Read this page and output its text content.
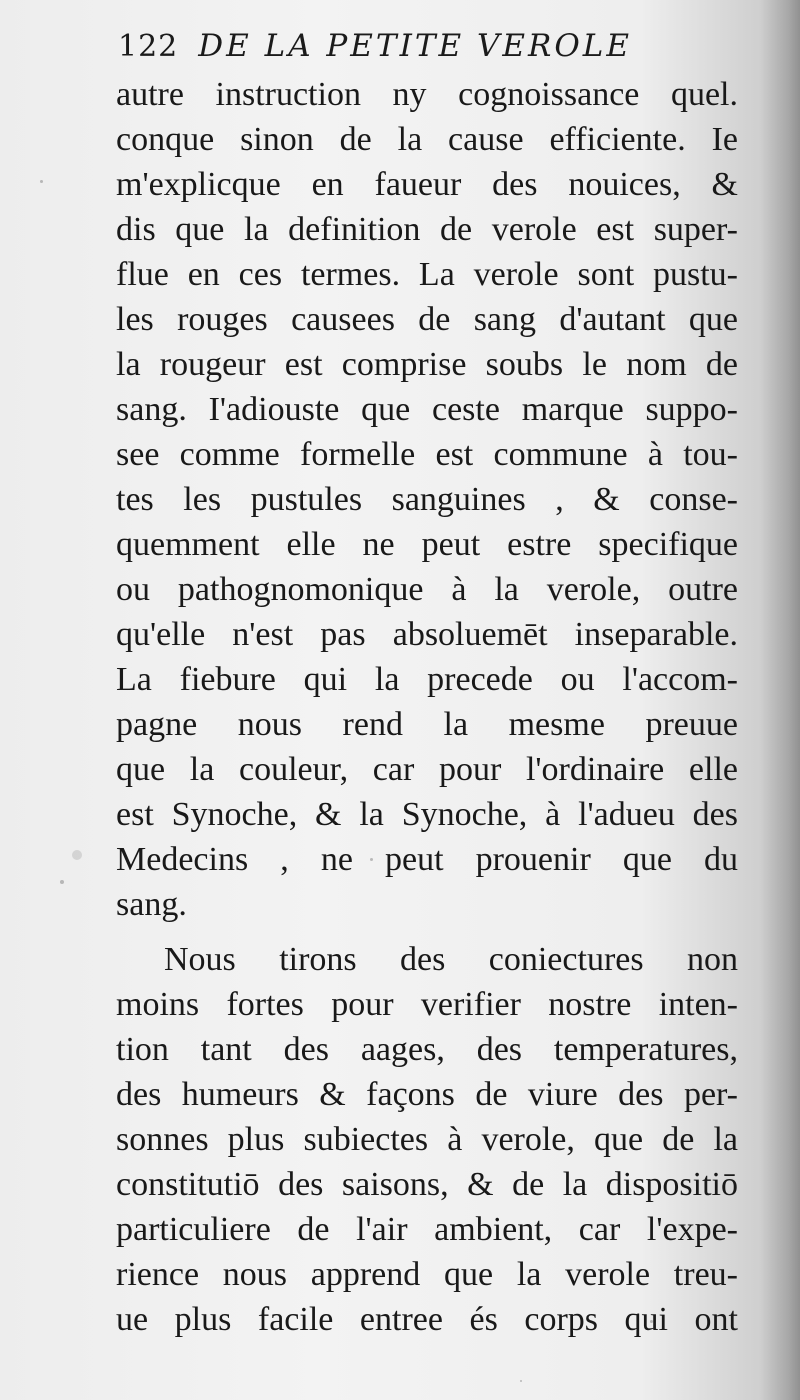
122 DE LA PETITE VEROLE
autre instruction ny cognoissance quel.
conque sinon de la cause efficiente. Ie
m'explicque en faueur des nouices, &
dis que la definition de verole est super-
flue en ces termes. La verole sont pustu-
les rouges causees de sang d'autant que
la rougeur est comprise soubs le nom de
sang. I'adiouste que ceste marque suppo-
see comme formelle est commune à tou-
tes les pustules sanguines , & conse-
quemment elle ne peut estre specifique
ou pathognomonique à la verole, outre
qu'elle n'est pas absoluemēt inseparable.
La fiebure qui la precede ou l'accom-
pagne nous rend la mesme preuue
que la couleur, car pour l'ordinaire elle
est Synoche, & la Synoche, à l'adueu des
Medecins , ne peut prouenir que du
sang.
Nous tirons des coniectures non
moins fortes pour verifier nostre inten-
tion tant des aages, des temperatures,
des humeurs & façons de viure des per-
sonnes plus subiectes à verole, que de la
constitutiō des saisons, & de la dispositiō
particuliere de l'air ambient, car l'expe-
rience nous apprend que la verole treu-
ue plus facile entree és corps qui ont
